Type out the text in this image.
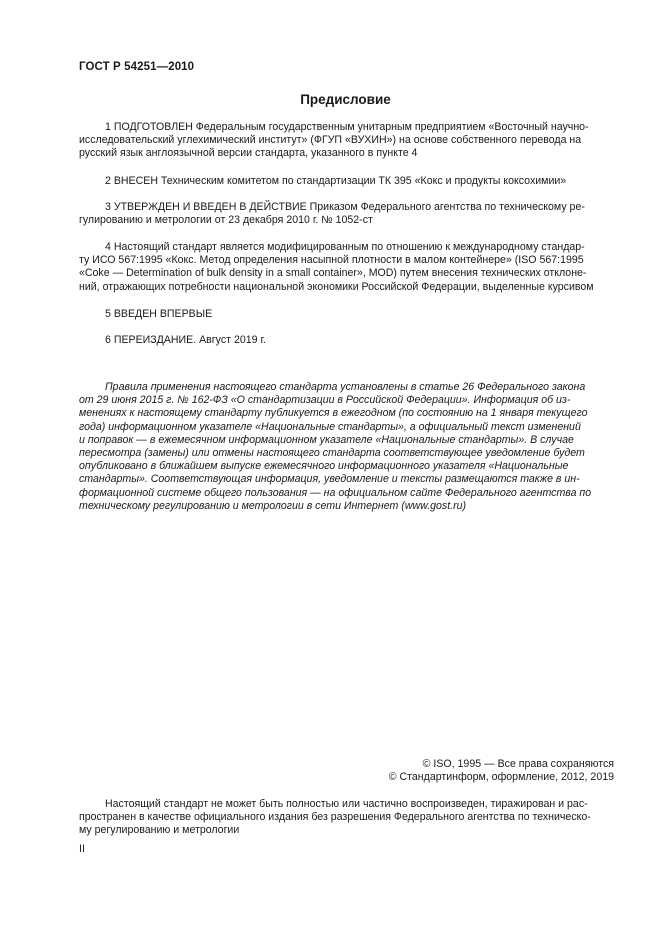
ГОСТ Р 54251—2010
Предисловие

1 ПОДГОТОВЛЕН Федеральным государственным унитарным предприятием «Восточный научно-
исследовательский углехимический институт» (ФГУП «ВУХИН») на основе собственного перевода на
русский язык англоязычной версии стандарта, указанного в пункте 4

2 ВНЕСЕН Техническим комитетом по стандартизации ТК 395 «Кокс и продукты коксохимии»

3 УТВЕРЖДЕН И ВВЕДЕН В ДЕЙСТВИЕ Приказом Федерального агентства по техническому ре-
гулированию и метрологии от 23 декабря 2010 г. № 1052-ст

4 Настоящий стандарт является модифицированным по отношению к международному стандар-
ту ИСО 567:1995 «Кокс. Метод определения насыпной плотности в малом контейнере» (ISO 567:1995
«Coke — Determination of bulk density in a small container», MOD) путем внесения технических отклоне-
ний, отражающих потребности национальной экономики Российской Федерации, выделенные курсивом

5 ВВЕДЕН ВПЕРВЫЕ

6 ПЕРЕИЗДАНИЕ. Август 2019 г.

Правила применения настоящего стандарта установлены в статье 26 Федерального закона
от 29 июня 2015 г. № 162-ФЗ «О стандартизации в Российской Федерации». Информация об из-
менениях к настоящему стандарту публикуется в ежегодном (по состоянию на 1 января текущего
года) информационном указателе «Национальные стандарты», а официальный текст изменений
и поправок — в ежемесячном информационном указателе «Национальные стандарты». В случае
пересмотра (замены) или отмены настоящего стандарта соответствующее уведомление будет
опубликовано в ближайшем выпуске ежемесячного информационного указателя «Национальные
стандарты». Соответствующая информация, уведомление и тексты размещаются также в ин-
формационной системе общего пользования — на официальном сайте Федерального агентства по
техническому регулированию и метрологии в сети Интернет (www.gost.ru)

© ISO, 1995 — Все права сохраняются
© Стандартинформ, оформление, 2012, 2019

Настоящий стандарт не может быть полностью или частично воспроизведен, тиражирован и рас-
пространен в качестве официального издания без разрешения Федерального агентства по техническо-
му регулированию и метрологии

II
